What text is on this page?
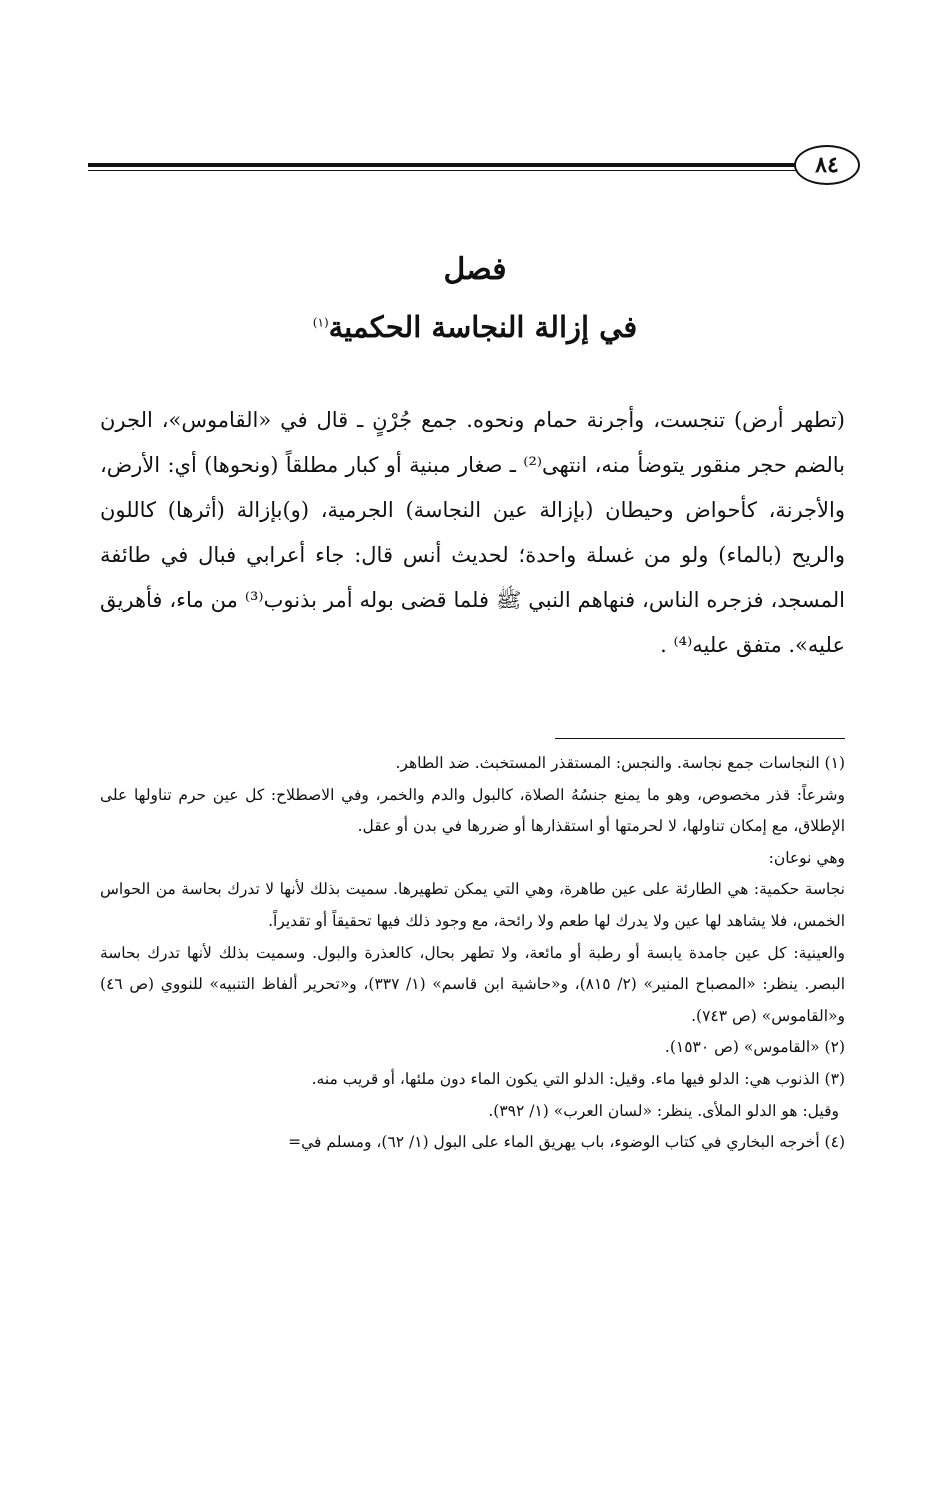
٨٤
فصل
في إزالة النجاسة الحكمية$^{(١)}$

(تطهر أرض) تنجست، وأجرنة حمام ونحوه. جمع جُرْنٍ ـ قال في «القاموس»، الجرن بالضم حجر منقور يتوضأ منه، انتهى⁽²⁾ ـ صغار مبنية أو كبار مطلقاً (ونحوها) أي: الأرض، والأجرنة، كأحواض وحيطان (بإزالة عين النجاسة) الجرمية، (و)بإزالة (أثرها) كاللون والريح (بالماء) ولو من غسلة واحدة؛ لحديث أنس قال: جاء أعرابي فبال في طائفة المسجد، فزجره الناس، فنهاهم النبي ﷺ فلما قضى بوله أمر بذنوب⁽³⁾ من ماء، فأهريق عليه». متفق عليه⁽⁴⁾ .

(١) النجاسات جمع نجاسة. والنجس: المستقذر المستخبث. ضد الطاهر.

وشرعاً: قذر مخصوص، وهو ما يمنع جنسُهُ الصلاة، كالبول والدم والخمر، وفي الاصطلاح: كل عين حرم تناولها على الإطلاق، مع إمكان تناولها، لا لحرمتها أو استقذارها أو ضررها في بدن أو عقل.

وهي نوعان:

نجاسة حكمية: هي الطارئة على عين طاهرة، وهي التي يمكن تطهيرها. سميت بذلك لأنها لا تدرك بحاسة من الحواس الخمس، فلا يشاهد لها عين ولا يدرك لها طعم ولا رائحة، مع وجود ذلك فيها تحقيقاً أو تقديراً.

والعينية: كل عين جامدة يابسة أو رطبة أو مائعة، ولا تطهر بحال، كالعذرة والبول. وسميت بذلك لأنها تدرك بحاسة البصر. ينظر: «المصباح المنير» (٢/ ٨١٥)، و«حاشية ابن قاسم» (١/ ٣٣٧)، و«تحرير ألفاظ التنبيه» للنووي (ص ٤٦) و«القاموس» (ص ٧٤٣).

(٢) «القاموس» (ص ١٥٣٠).

(٣) الذنوب هي: الدلو فيها ماء. وقيل: الدلو التي يكون الماء دون ملئها، أو قريب منه.

وقيل: هو الدلو الملأى. ينظر: «لسان العرب» (١/ ٣٩٢).

(٤) أخرجه البخاري في كتاب الوضوء، باب يهريق الماء على البول (١/ ٦٢)، ومسلم في=
